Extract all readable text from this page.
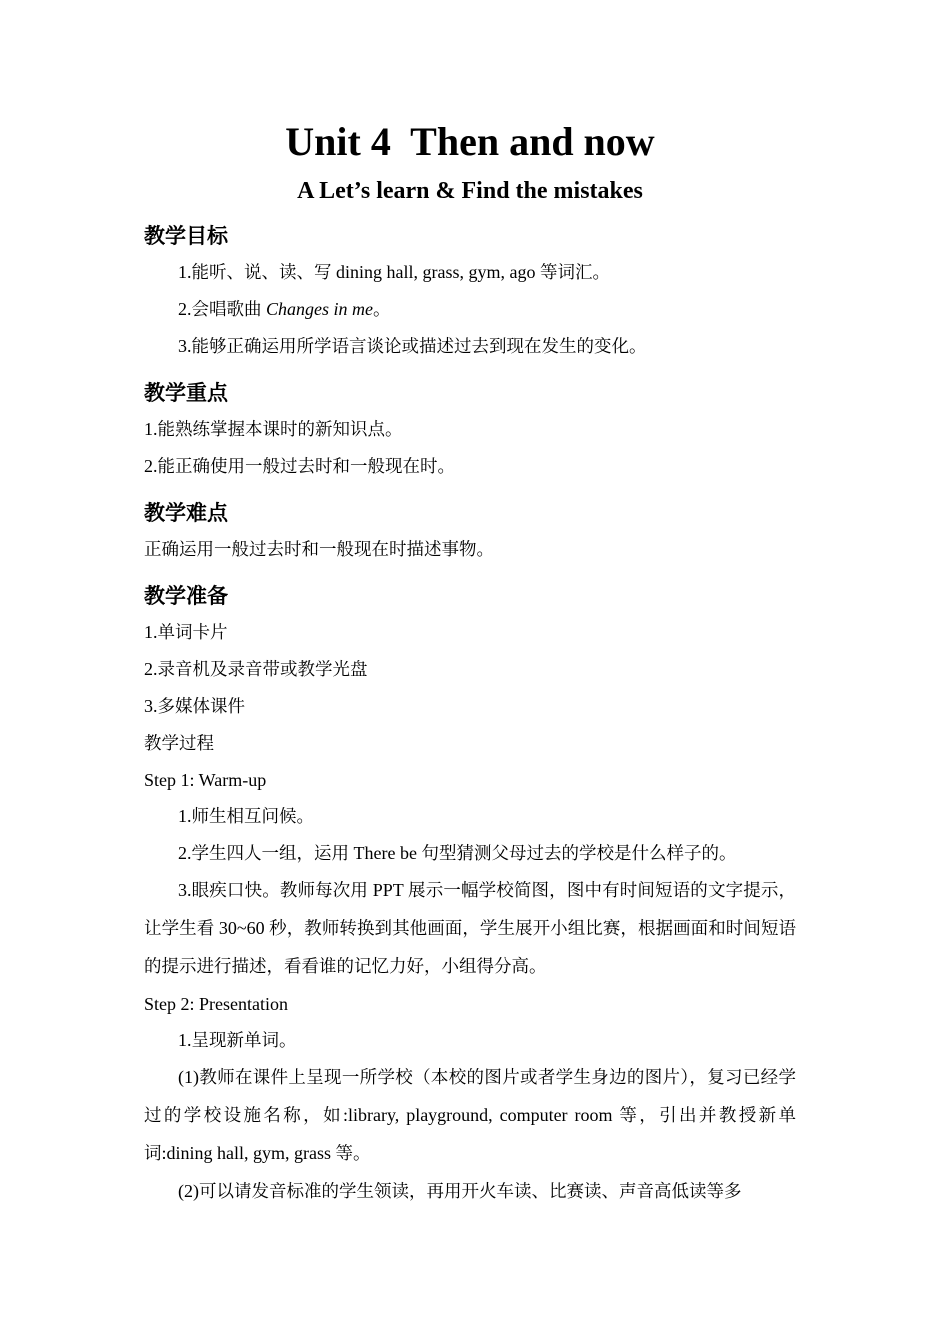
Unit 4  Then and now
A Let’s learn & Find the mistakes
教学目标

1.能听、说、读、写 dining hall, grass, gym, ago 等词汇。

2.会唱歌曲 Changes in me。

3.能够正确运用所学语言谈论或描述过去到现在发生的变化。

教学重点

1.能熟练掌握本课时的新知识点。

2.能正确使用一般过去时和一般现在时。

教学难点

正确运用一般过去时和一般现在时描述事物。

教学准备

1.单词卡片

2.录音机及录音带或教学光盘

3.多媒体课件

教学过程

Step 1: Warm-up

1.师生相互问候。

2.学生四人一组，运用 There be 句型猜测父母过去的学校是什么样子的。

3.眼疾口快。教师每次用 PPT 展示一幅学校简图，图中有时间短语的文字提示，让学生看 30~60 秒，教师转换到其他画面，学生展开小组比赛，根据画面和时间短语的提示进行描述，看看谁的记忆力好，小组得分高。

Step 2: Presentation

1.呈现新单词。

(1)教师在课件上呈现一所学校（本校的图片或者学生身边的图片），复习已经学过的学校设施名称，如:library, playground, computer room 等，引出并教授新单词:dining hall, gym, grass 等。

(2)可以请发音标准的学生领读，再用开火车读、比赛读、声音高低读等多
